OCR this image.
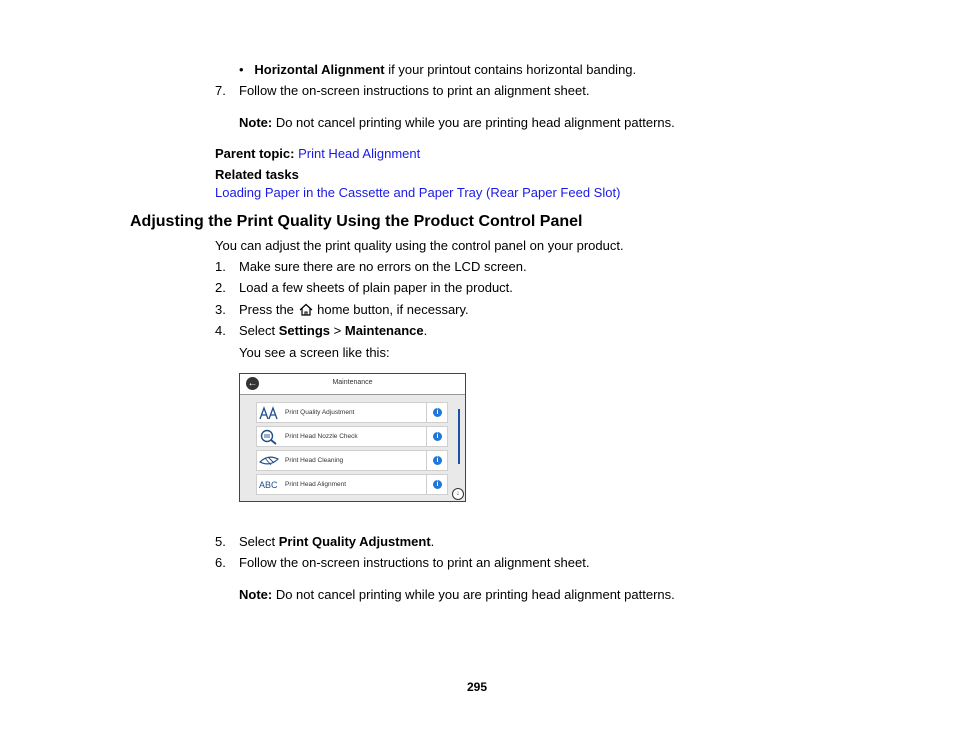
• Horizontal Alignment if your printout contains horizontal banding.
7. Follow the on-screen instructions to print an alignment sheet.
Note: Do not cancel printing while you are printing head alignment patterns.
Parent topic: Print Head Alignment
Related tasks
Loading Paper in the Cassette and Paper Tray (Rear Paper Feed Slot)
Adjusting the Print Quality Using the Product Control Panel
You can adjust the print quality using the control panel on your product.
1. Make sure there are no errors on the LCD screen.
2. Load a few sheets of plain paper in the product.
3. Press the  home button, if necessary.
4. Select Settings > Maintenance.
You see a screen like this:
←	Maintenance
Print Quality Adjustment	i
Print Head Nozzle Check	i
Print Head Cleaning	i
ABC Print Head Alignment	i
↓
5. Select Print Quality Adjustment.
6. Follow the on-screen instructions to print an alignment sheet.
Note: Do not cancel printing while you are printing head alignment patterns.
295
